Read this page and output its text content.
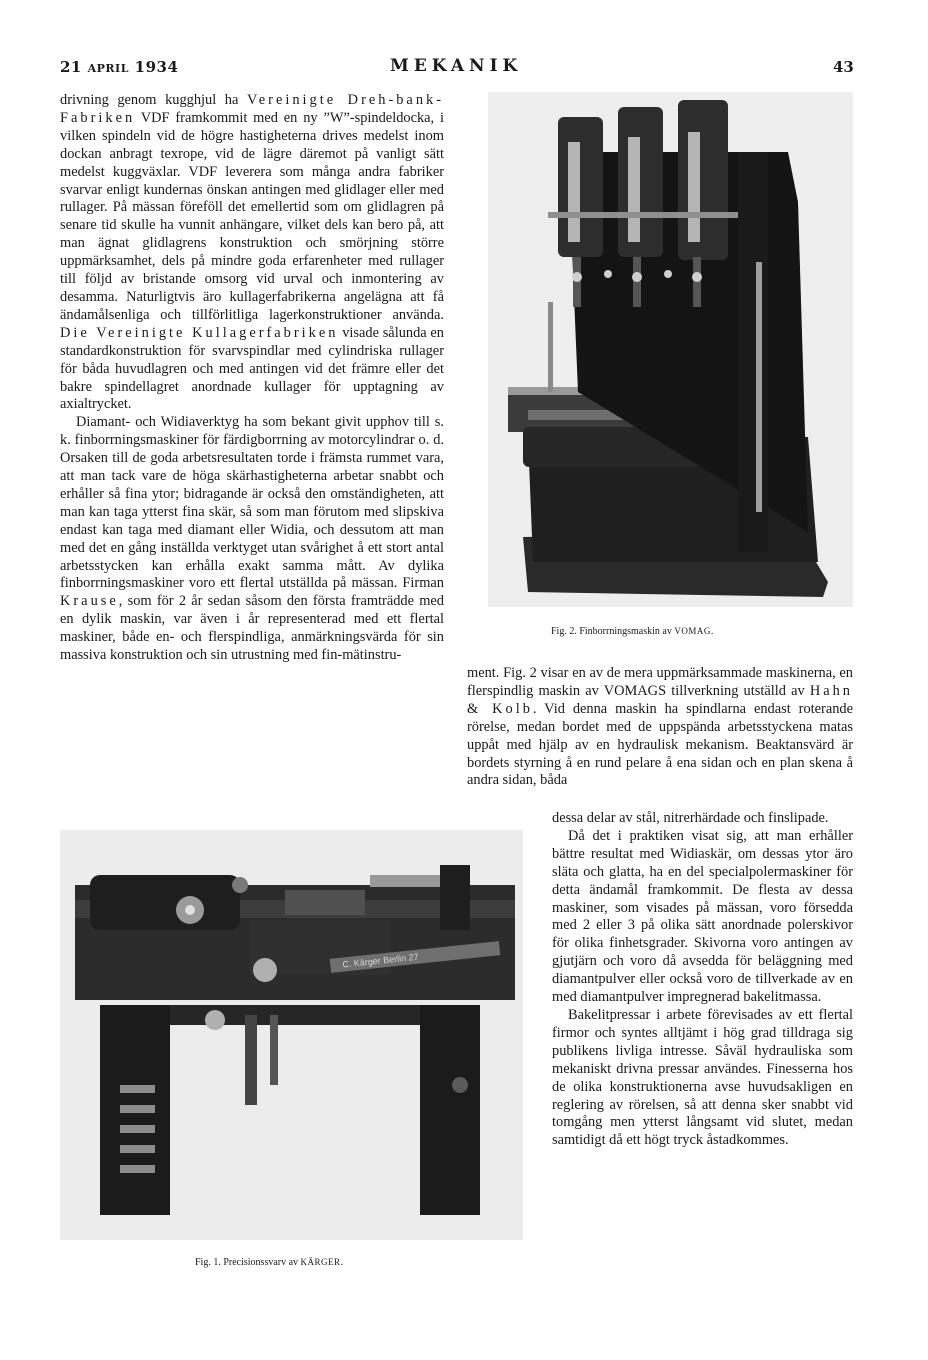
21 APRIL 1934	MEKANIK	43

drivning genom kugghjul ha Vereinigte Dreh-bank-Fabriken VDF framkommit med en ny ”W”-spindeldocka, i vilken spindeln vid de högre hastigheterna drives medelst inom dockan anbragt texrope, vid de lägre däremot på vanligt sätt medelst kuggväxlar. VDF leverera som många andra fabriker svarvar enligt kundernas önskan antingen med glidlager eller med rullager. På mässan föreföll det emellertid som om glidlagren på senare tid skulle ha vunnit anhängare, vilket dels kan bero på, att man ägnat glidlagrens konstruktion och smörjning större uppmärksamhet, dels på mindre goda erfarenheter med rullager till följd av bristande omsorg vid urval och inmontering av desamma. Naturligtvis äro kullagerfabrikerna angelägna att få ändamålsenliga och tillförlitliga lagerkonstruktioner använda. Die Vereinigte Kullagerfabriken visade sålunda en standardkonstruktion för svarvspindlar med cylindriska rullager för båda huvudlagren och med antingen vid det främre eller det bakre spindellagret anordnade kullager för upptagning av axialtrycket.

Diamant- och Widiaverktyg ha som bekant givit upphov till s. k. finborrningsmaskiner för färdigborrning av motorcylindrar o. d. Orsaken till de goda arbetsresultaten torde i främsta rummet vara, att man tack vare de höga skärhastigheterna arbetar snabbt och erhåller så fina ytor; bidragande är också den omständigheten, att man kan taga ytterst fina skär, så som man förutom med slipskiva endast kan taga med diamant eller Widia, och dessutom att man med det en gång inställda verktyget utan svårighet å ett stort antal arbetsstycken kan erhålla exakt samma mått. Av dylika finborrningsmaskiner voro ett flertal utställda på mässan. Firman Krause, som för 2 år sedan såsom den första framträdde med en dylik maskin, var även i år representerad med ett flertal maskiner, både en- och flerspindliga, anmärkningsvärda för sin massiva konstruktion och sin utrustning med fin-mätinstru-

Fig. 2. Finborrningsmaskin av VOMAG.

ment. Fig. 2 visar en av de mera uppmärksammade maskinerna, en flerspindlig maskin av VOMAGS tillverkning utställd av Hahn & Kolb. Vid denna maskin ha spindlarna endast roterande rörelse, medan bordet med de uppspända arbetsstyckena matas uppåt med hjälp av en hydraulisk mekanism. Beaktansvärd är bordets styrning å en rund pelare å ena sidan och en plan skena å andra sidan, båda

dessa delar av stål, nitrerhärdade och finslipade.

Då det i praktiken visat sig, att man erhåller bättre resultat med Widiaskär, om dessas ytor äro släta och glatta, ha en del specialpolermaskiner för detta ändamål framkommit. De flesta av dessa maskiner, som visades på mässan, voro försedda med 2 eller 3 på olika sätt anordnade polerskivor för olika finhetsgrader. Skivorna voro antingen av gjutjärn och voro då avsedda för beläggning med diamantpulver eller också voro de tillverkade av en med diamantpulver impregnerad bakelitmassa.

Bakelitpressar i arbete förevisades av ett flertal firmor och syntes alltjämt i hög grad tilldraga sig publikens livliga intresse. Såväl hydrauliska som mekaniskt drivna pressar användes. Finesserna hos de olika konstruktionerna avse huvudsakligen en reglering av rörelsen, så att denna sker snabbt vid tomgång men ytterst långsamt vid slutet, medan samtidigt då ett högt tryck åstadkommes.

C. Kärger Berlin 27
Fig. 1. Precisionssvarv av KÄRGER.
